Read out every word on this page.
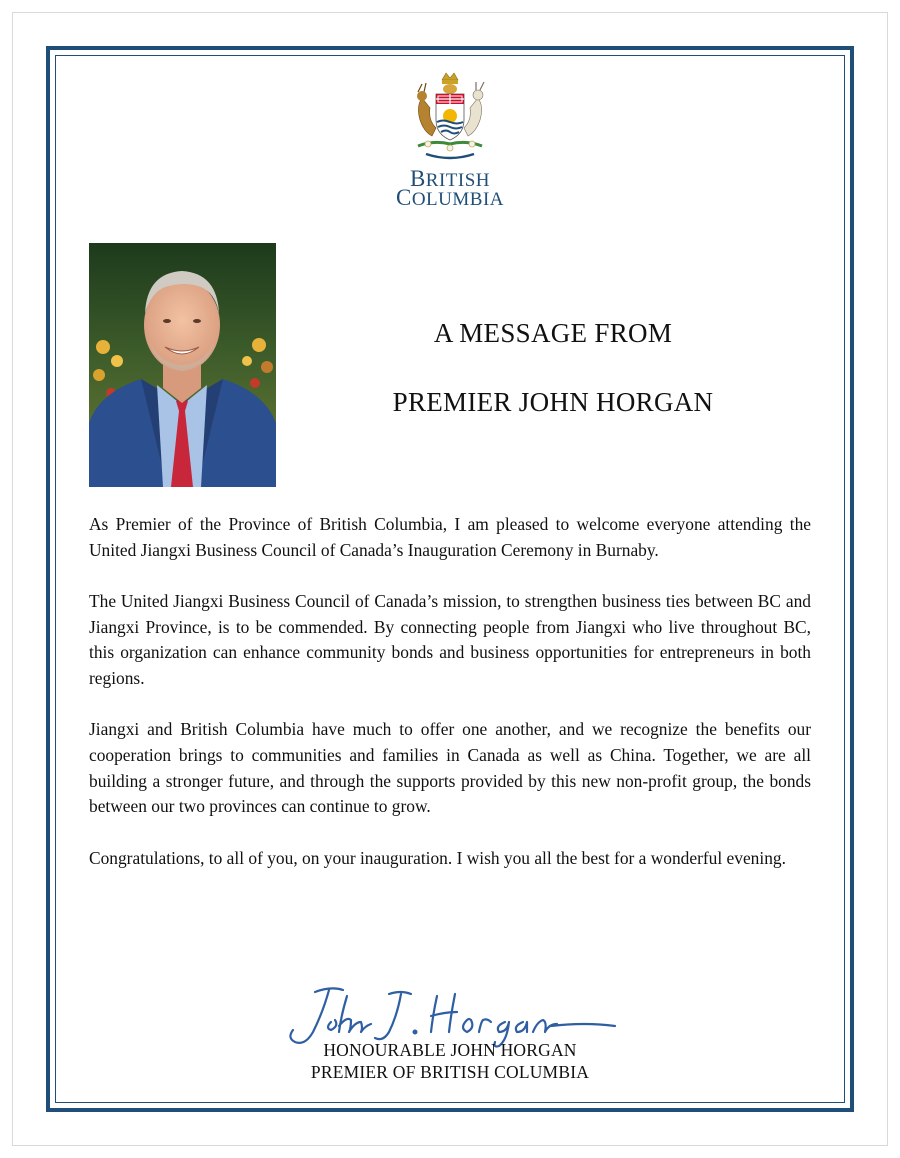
BRITISH
COLUMBIA
A MESSAGE FROM
PREMIER JOHN HORGAN

As Premier of the Province of British Columbia, I am pleased to welcome everyone attending the United Jiangxi Business Council of Canada’s Inauguration Ceremony in Burnaby.

The United Jiangxi Business Council of Canada’s mission, to strengthen business ties between BC and Jiangxi Province, is to be commended. By connecting people from Jiangxi who live throughout BC, this organization can enhance community bonds and business opportunities for entrepreneurs in both regions.

Jiangxi and British Columbia have much to offer one another, and we recognize the benefits our cooperation brings to communities and families in Canada as well as China. Together, we are all building a stronger future, and through the supports provided by this new non-profit group, the bonds between our two provinces can continue to grow.

Congratulations, to all of you, on your inauguration. I wish you all the best for a wonderful evening.

HONOURABLE JOHN HORGAN
PREMIER OF BRITISH COLUMBIA
